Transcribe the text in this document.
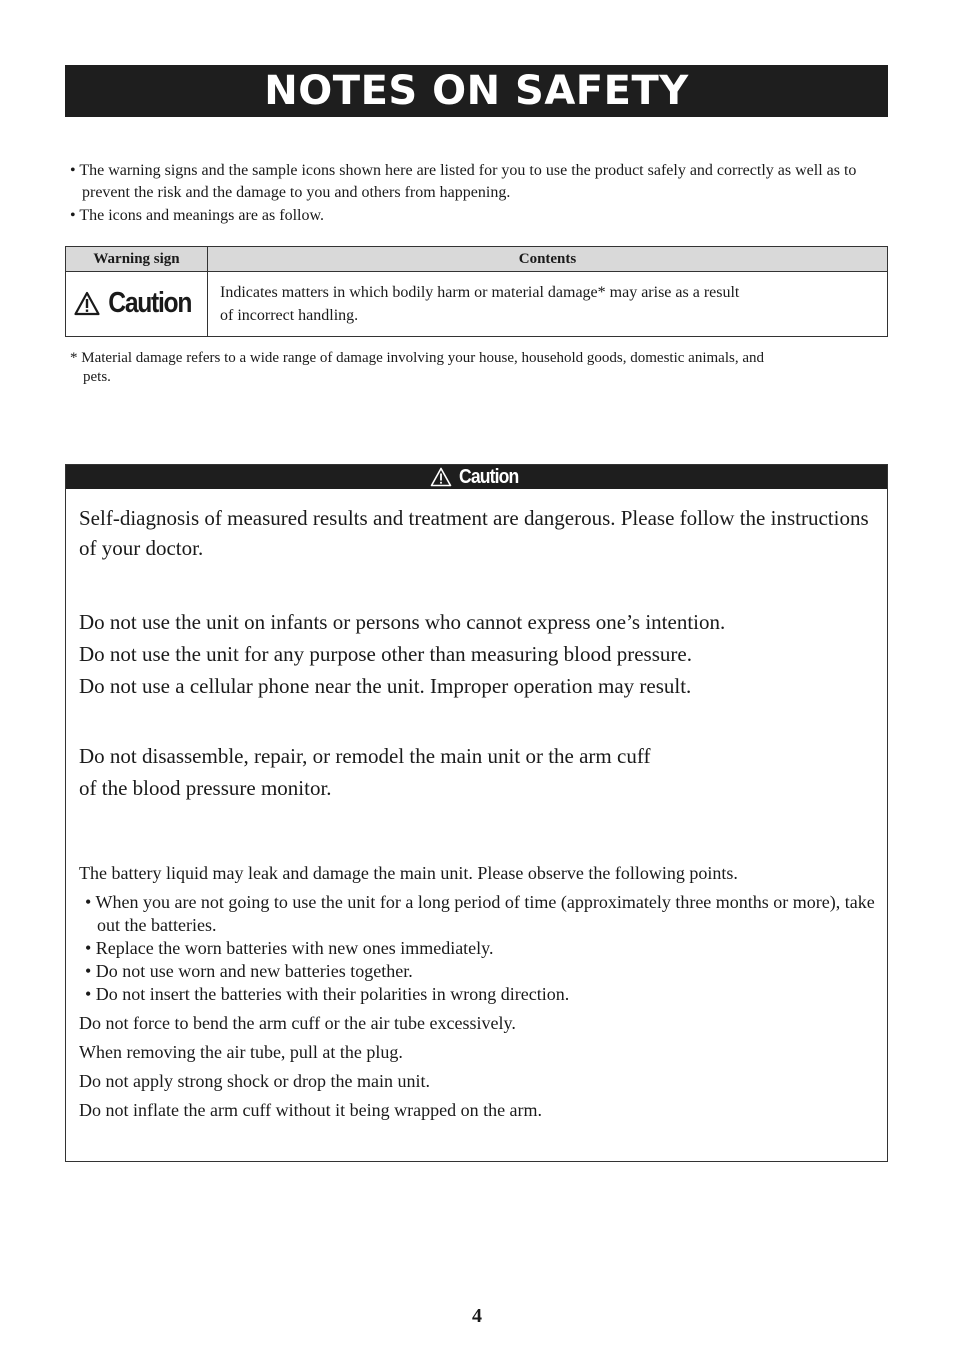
NOTES ON SAFETY

• The warning signs and the sample icons shown here are listed for you to use the product safely and correctly as well as to prevent the risk and the damage to you and others from happening.

• The icons and meanings are as follow.

Warning sign	Contents

Caution	Indicates matters in which bodily harm or material damage* may arise as a result
of incorrect handling.
* Material damage refers to a wide range of damage involving your house, household goods, domestic animals, and pets.
Caution

Self-diagnosis of measured results and treatment are dangerous. Please follow the instructions of your doctor.

Do not use the unit on infants or persons who cannot express one’s intention.

Do not use the unit for any purpose other than measuring blood pressure.

Do not use a cellular phone near the unit. Improper operation may result.

Do not disassemble, repair, or remodel the main unit or the arm cuff

of the blood pressure monitor.

The battery liquid may leak and damage the main unit. Please observe the following points.

• When you are not going to use the unit for a long period of time (approximately three months or more), take out the batteries.

• Replace the worn batteries with new ones immediately.

• Do not use worn and new batteries together.

• Do not insert the batteries with their polarities in wrong direction.

Do not force to bend the arm cuff or the air tube excessively.

When removing the air tube, pull at the plug.

Do not apply strong shock or drop the main unit.

Do not inflate the arm cuff without it being wrapped on the arm.

4
